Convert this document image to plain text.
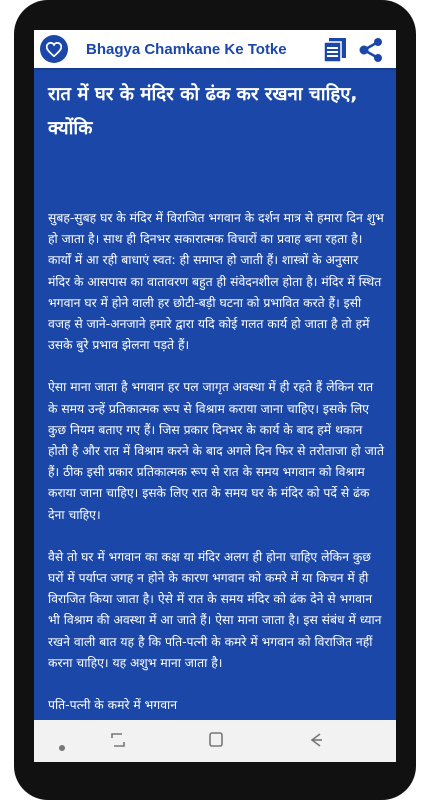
Bhagya Chamkane Ke Totke
रात में घर के मंदिर को ढंक कर रखना चाहिए, क्योंकि

सुबह-सुबह घर के मंदिर में विराजित भगवान के दर्शन मात्र से हमारा दिन शुभ हो जाता है। साथ ही दिनभर सकारात्मक विचारों का प्रवाह बना रहता है। कार्यों में आ रही बाधाएं स्वत: ही समाप्त हो जाती हैं। शास्त्रों के अनुसार मंदिर के आसपास का वातावरण बहुत ही संवेदनशील होता है। मंदिर में स्थित भगवान घर में होने वाली हर छोटी-बड़ी घटना को प्रभावित करते हैं। इसी वजह से जाने-अनजाने हमारे द्वारा यदि कोई गलत कार्य हो जाता है तो हमें उसके बुरे प्रभाव झेलना पड़ते हैं।

ऐसा माना जाता है भगवान हर पल जागृत अवस्था में ही रहते हैं लेकिन रात के समय उन्हें प्रतिकात्मक रूप से विश्राम कराया जाना चाहिए। इसके लिए कुछ नियम बताए गए हैं। जिस प्रकार दिनभर के कार्य के बाद हमें थकान होती है और रात में विश्राम करने के बाद अगले दिन फिर से तरोताजा हो जाते हैं। ठीक इसी प्रकार प्रतिकात्मक रूप से रात के समय भगवान को विश्राम कराया जाना चाहिए। इसके लिए रात के समय घर के मंदिर को पर्दे से ढंक देना चाहिए।

वैसे तो घर में भगवान का कक्ष या मंदिर अलग ही होना चाहिए लेकिन कुछ घरों में पर्याप्त जगह न होने के कारण भगवान को कमरे में या किचन में ही विराजित किया जाता है। ऐसे में रात के समय मंदिर को ढंक देने से भगवान भी विश्राम की अवस्था में आ जाते हैं। ऐसा माना जाता है। इस संबंध में ध्यान रखने वाली बात यह है कि पति-पत्नी के कमरे में भगवान को विराजित नहीं करना चाहिए। यह अशुभ माना जाता है।

पति-पत्नी के कमरे में भगवान
